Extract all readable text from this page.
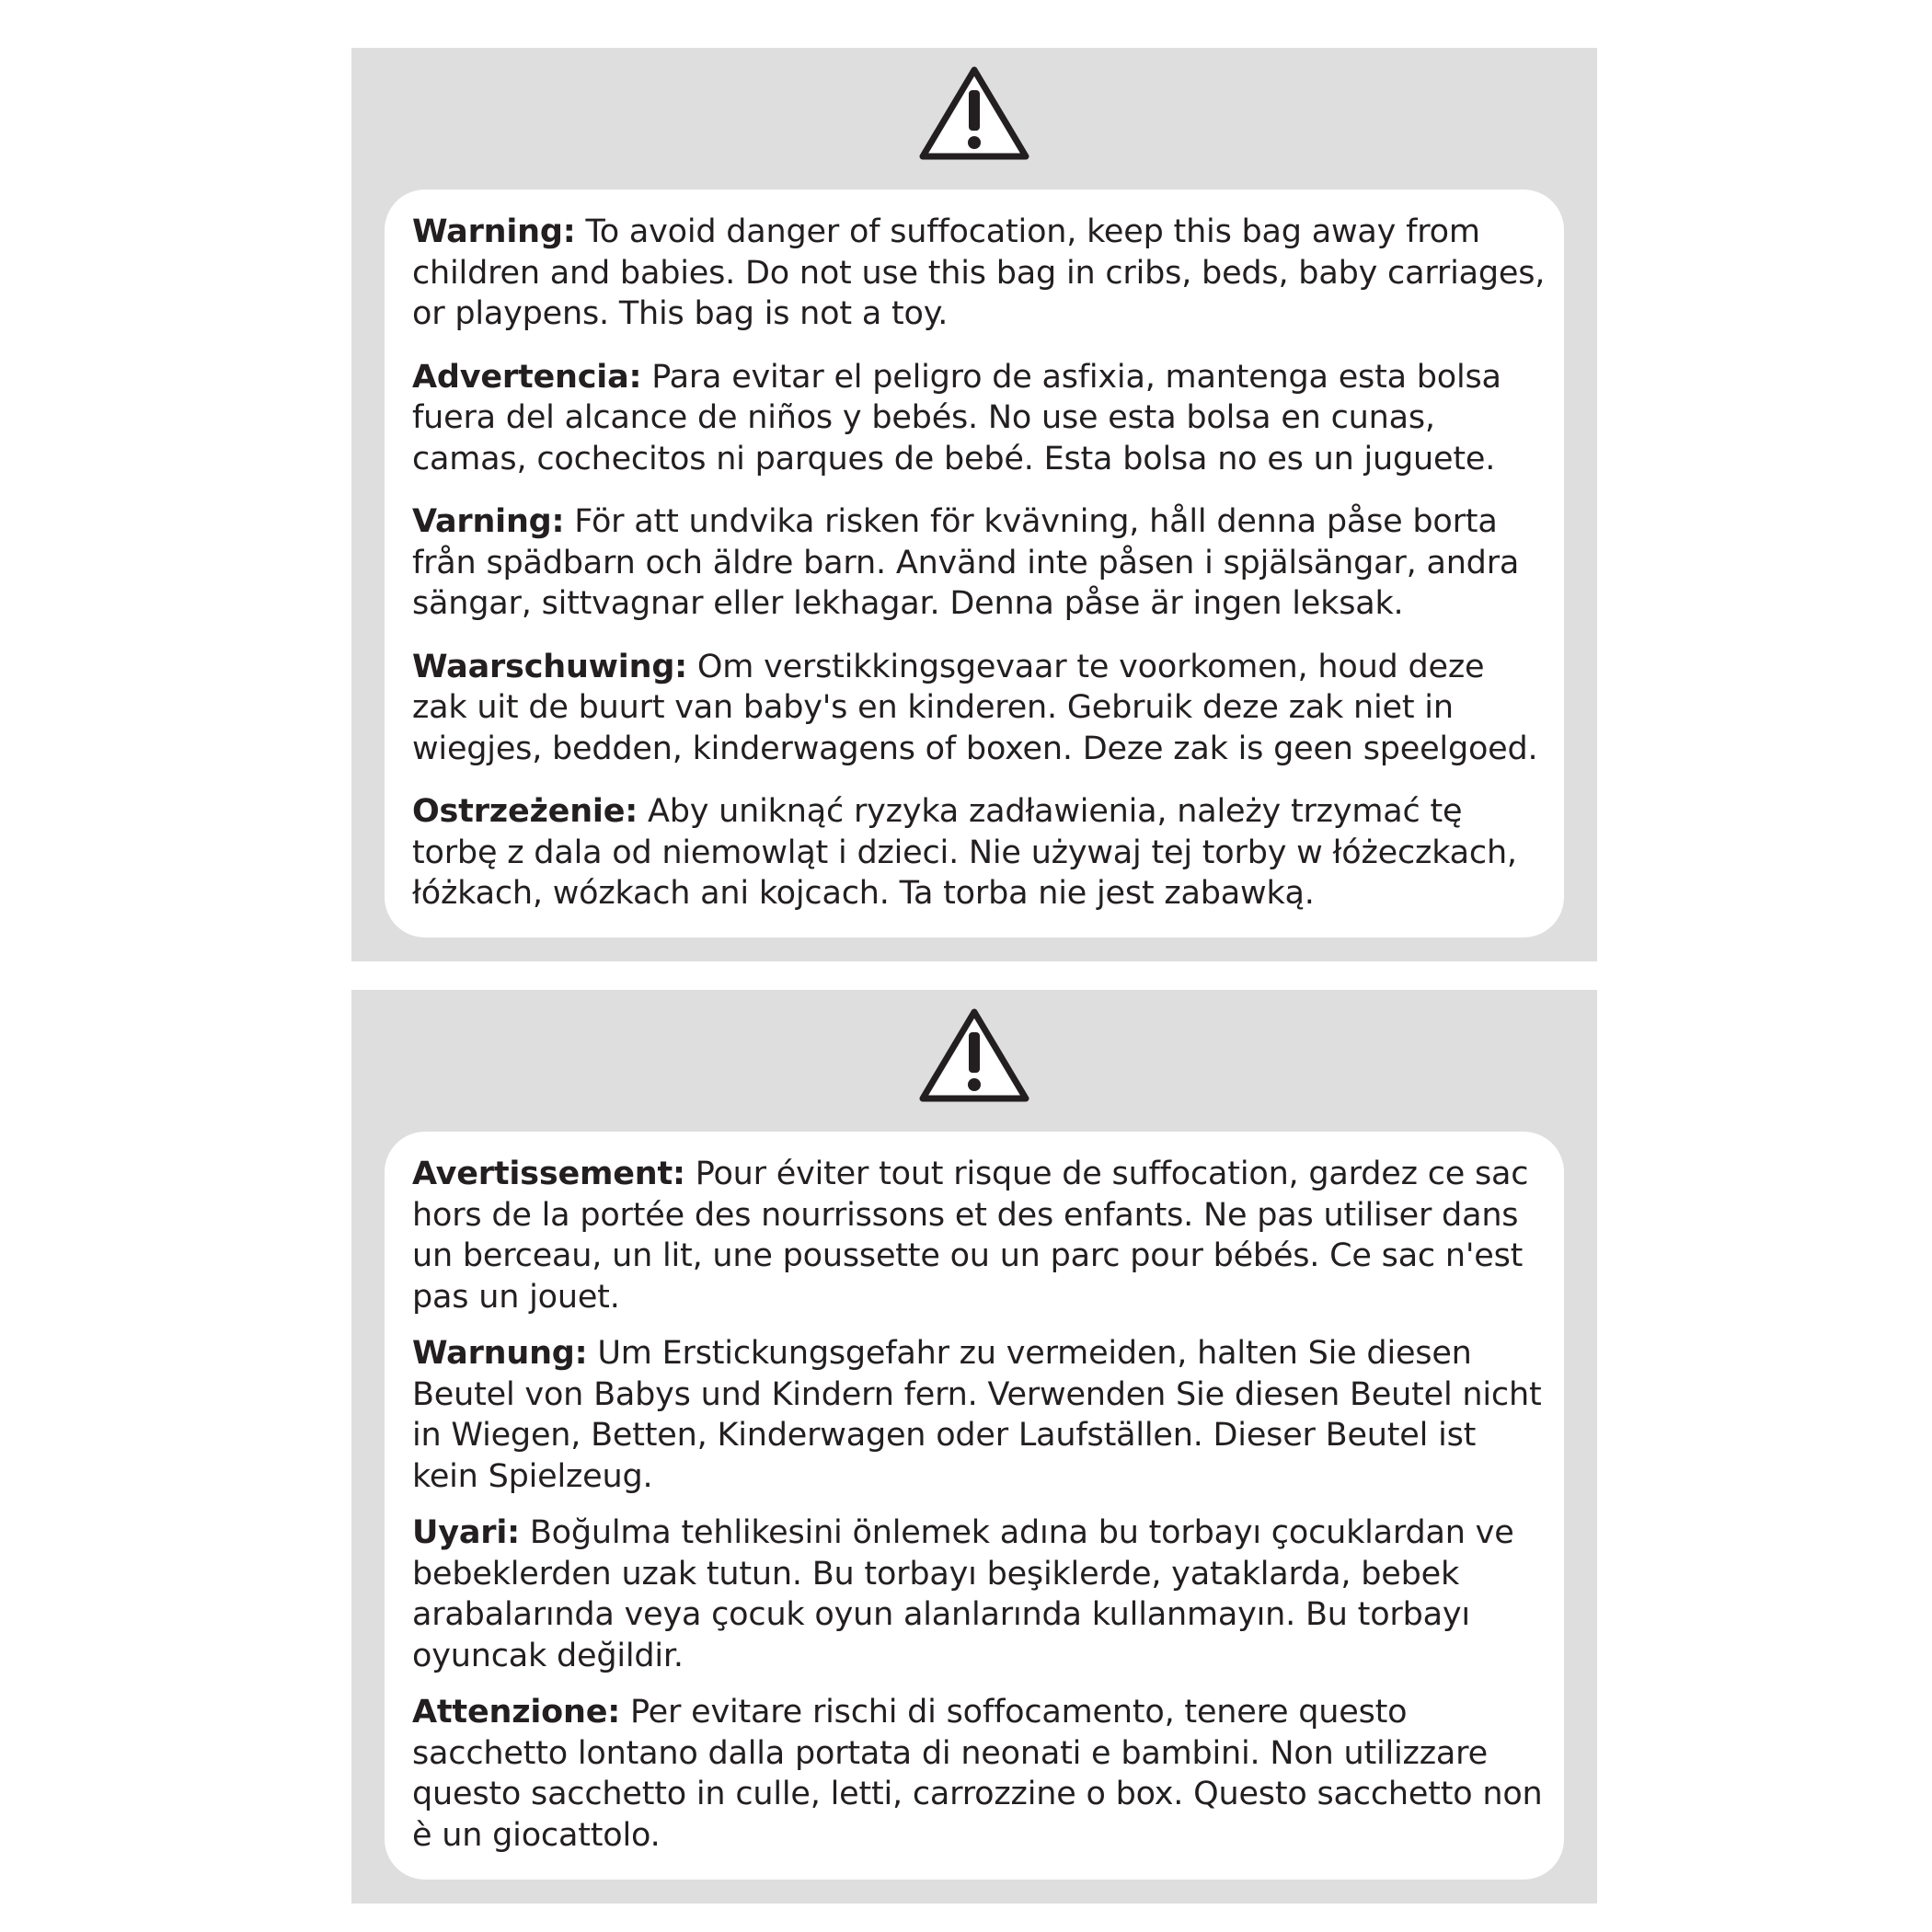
Warning: To avoid danger of suffocation, keep this bag away from children and babies. Do not use this bag in cribs, beds, baby carriages, or playpens. This bag is not a toy.

Advertencia: Para evitar el peligro de asfixia, mantenga esta bolsa fuera del alcance de niños y bebés. No use esta bolsa en cunas, camas, cochecitos ni parques de bebé. Esta bolsa no es un juguete.

Varning: För att undvika risken för kvävning, håll denna påse borta från spädbarn och äldre barn. Använd inte påsen i spjälsängar, andra sängar, sittvagnar eller lekhagar. Denna påse är ingen leksak.

Waarschuwing: Om verstikkingsgevaar te voorkomen, houd deze zak uit de buurt van baby's en kinderen. Gebruik deze zak niet in wiegjes, bedden, kinderwagens of boxen. Deze zak is geen speelgoed.

Ostrzeżenie: Aby uniknąć ryzyka zadławienia, należy trzymać tę torbę z dala od niemowląt i dzieci. Nie używaj tej torby w łóżeczkach, łóżkach, wózkach ani kojcach. Ta torba nie jest zabawką.

Avertissement: Pour éviter tout risque de suffocation, gardez ce sac hors de la portée des nourrissons et des enfants. Ne pas utiliser dans un berceau, un lit, une poussette ou un parc pour bébés. Ce sac n'est pas un jouet.

Warnung: Um Erstickungsgefahr zu vermeiden, halten Sie diesen Beutel von Babys und Kindern fern. Verwenden Sie diesen Beutel nicht in Wiegen, Betten, Kinderwagen oder Laufställen. Dieser Beutel ist kein Spielzeug.

Uyari: Boğulma tehlikesini önlemek adına bu torbayı çocuklardan ve bebeklerden uzak tutun. Bu torbayı beşiklerde, yataklarda, bebek arabalarında veya çocuk oyun alanlarında kullanmayın. Bu torbayı oyuncak değildir.

Attenzione: Per evitare rischi di soffocamento, tenere questo sacchetto lontano dalla portata di neonati e bambini. Non utilizzare questo sacchetto in culle, letti, carrozzine o box. Questo sacchetto non è un giocattolo.
